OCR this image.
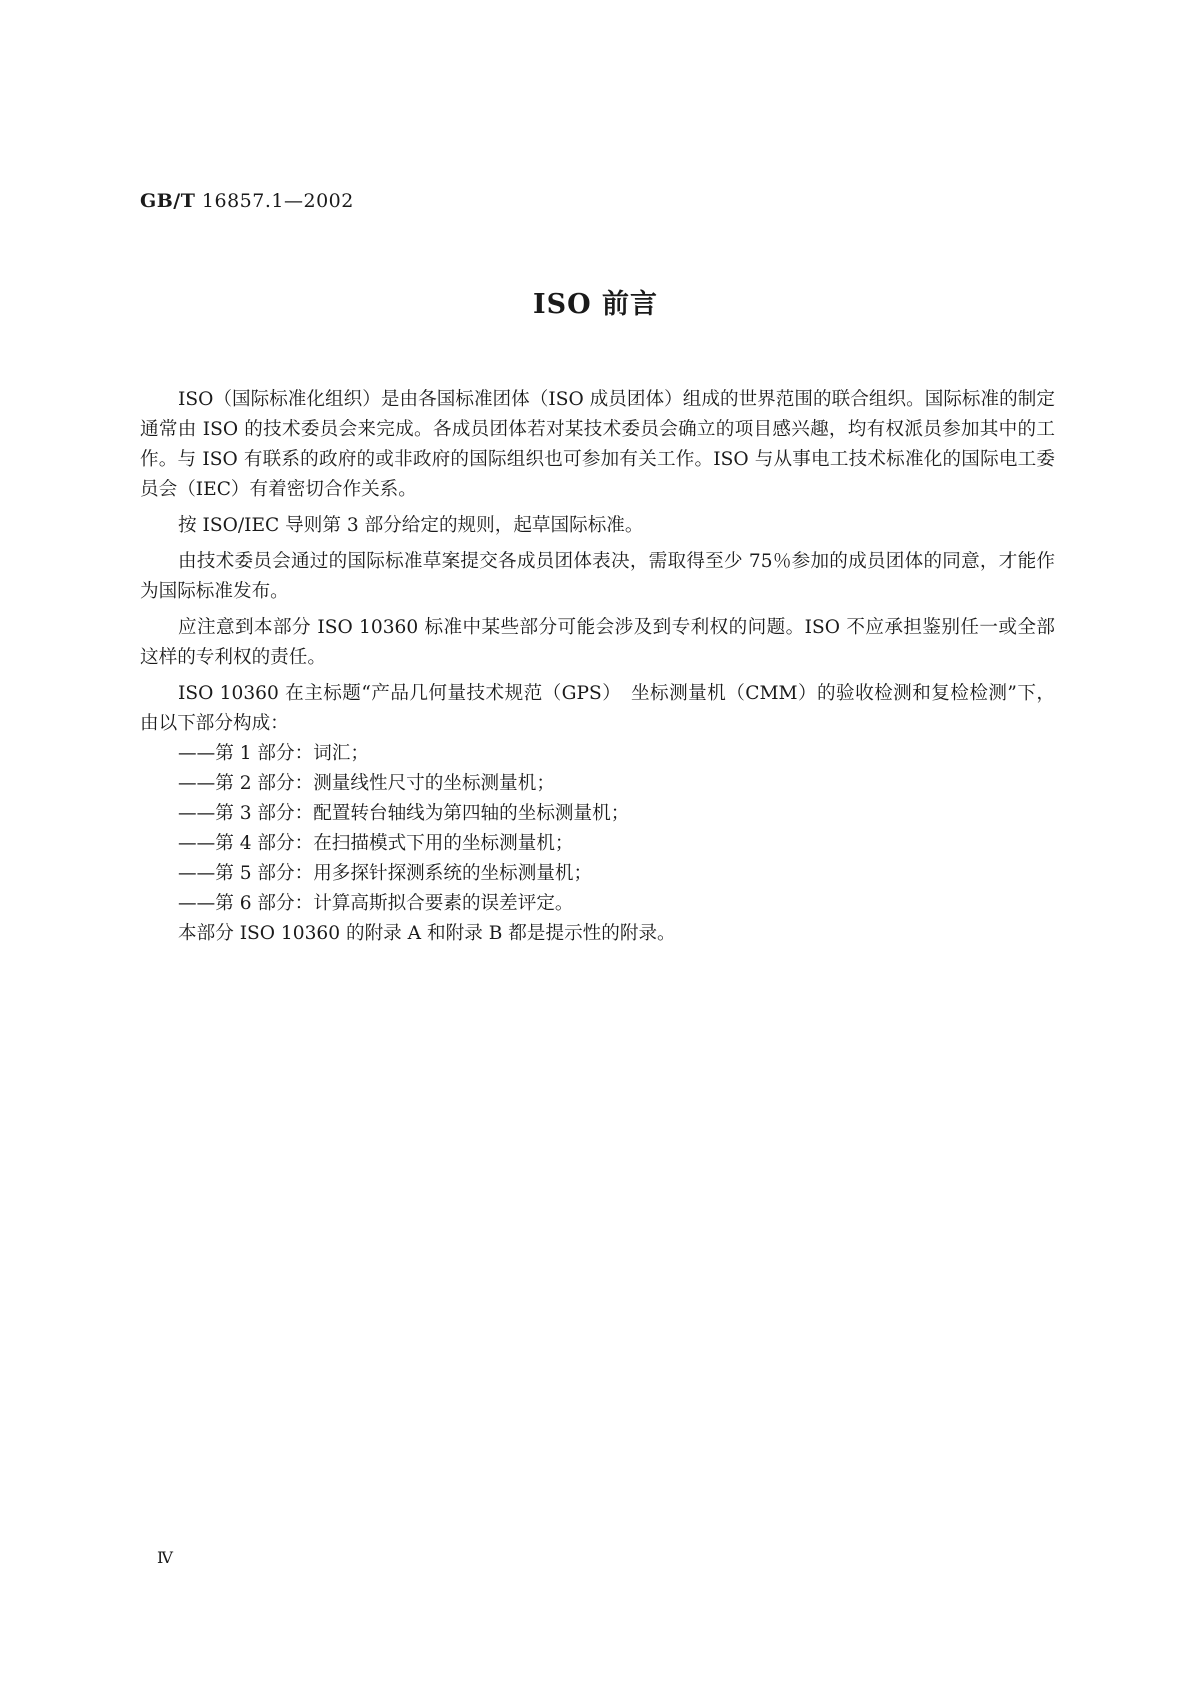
GB/T 16857.1—2002
ISO 前言

ISO（国际标准化组织）是由各国标准团体（ISO 成员团体）组成的世界范围的联合组织。国际标准的制定通常由 ISO 的技术委员会来完成。各成员团体若对某技术委员会确立的项目感兴趣，均有权派员参加其中的工作。与 ISO 有联系的政府的或非政府的国际组织也可参加有关工作。ISO 与从事电工技术标准化的国际电工委员会（IEC）有着密切合作关系。

按 ISO/IEC 导则第 3 部分给定的规则，起草国际标准。

由技术委员会通过的国际标准草案提交各成员团体表决，需取得至少 75％参加的成员团体的同意，才能作为国际标准发布。

应注意到本部分 ISO 10360 标准中某些部分可能会涉及到专利权的问题。ISO 不应承担鉴别任一或全部这样的专利权的责任。

ISO 10360 在主标题“产品几何量技术规范（GPS）　坐标测量机（CMM）的验收检测和复检检测”下，由以下部分构成：

——第 1 部分：词汇；
——第 2 部分：测量线性尺寸的坐标测量机；
——第 3 部分：配置转台轴线为第四轴的坐标测量机；
——第 4 部分：在扫描模式下用的坐标测量机；
——第 5 部分：用多探针探测系统的坐标测量机；
——第 6 部分：计算高斯拟合要素的误差评定。
本部分 ISO 10360 的附录 A 和附录 B 都是提示性的附录。
Ⅳ
